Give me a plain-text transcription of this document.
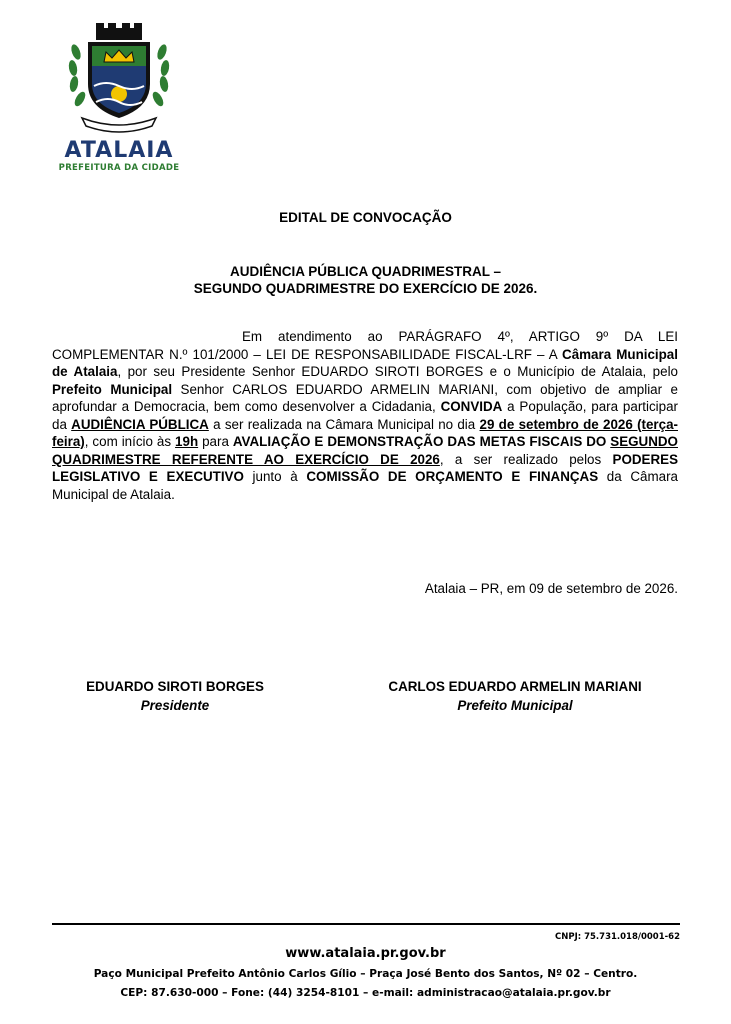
ATALAIA
PREFEITURA DA CIDADE
EDITAL DE CONVOCAÇÃO
AUDIÊNCIA PÚBLICA QUADRIMESTRAL –
SEGUNDO QUADRIMESTRE DO EXERCÍCIO DE 2026.
Em atendimento ao PARÁGRAFO 4º, ARTIGO 9º DA LEI COMPLEMENTAR N.º 101/2000 – LEI DE RESPONSABILIDADE FISCAL-LRF – A Câmara Municipal de Atalaia, por seu Presidente Senhor EDUARDO SIROTI BORGES e o Município de Atalaia, pelo Prefeito Municipal Senhor CARLOS EDUARDO ARMELIN MARIANI, com objetivo de ampliar e aprofundar a Democracia, bem como desenvolver a Cidadania, CONVIDA a População, para participar da AUDIÊNCIA PÚBLICA a ser realizada na Câmara Municipal no dia 29 de setembro de 2026 (terça-feira), com início às 19h para AVALIAÇÃO E DEMONSTRAÇÃO DAS METAS FISCAIS DO SEGUNDO QUADRIMESTRE REFERENTE AO EXERCÍCIO DE 2026, a ser realizado pelos PODERES LEGISLATIVO E EXECUTIVO junto à COMISSÃO DE ORÇAMENTO E FINANÇAS da Câmara Municipal de Atalaia.
Atalaia – PR, em 09 de setembro de 2026.
EDUARDO SIROTI BORGES
Presidente
CARLOS EDUARDO ARMELIN MARIANI
Prefeito Municipal
CNPJ: 75.731.018/0001-62
www.atalaia.pr.gov.br
Paço Municipal Prefeito Antônio Carlos Gílio – Praça José Bento dos Santos, Nº 02 – Centro.
CEP: 87.630-000 – Fone: (44) 3254-8101 – e-mail: administracao@atalaia.pr.gov.br
